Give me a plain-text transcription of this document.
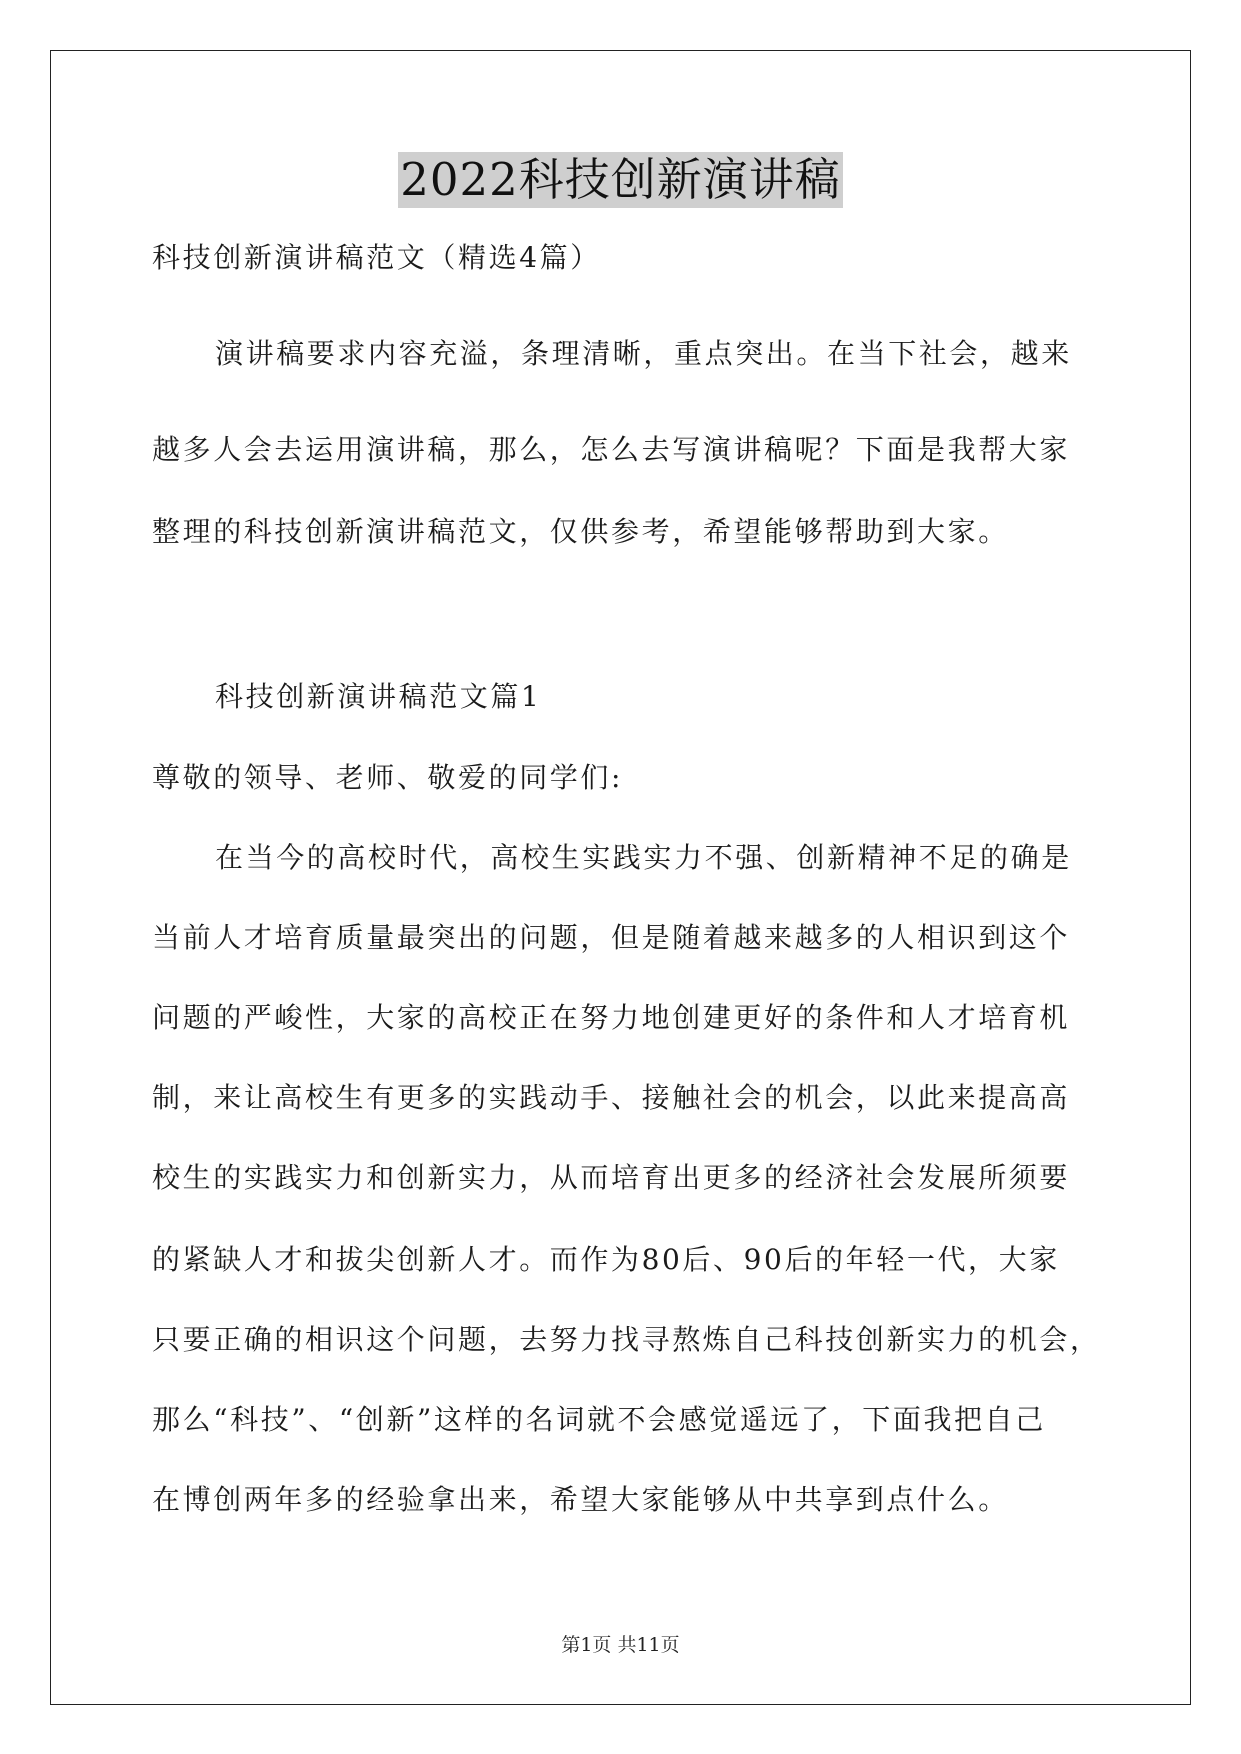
2022科技创新演讲稿
科技创新演讲稿范文（精选4篇）
演讲稿要求内容充溢，条理清晰，重点突出。在当下社会，越来
越多人会去运用演讲稿，那么，怎么去写演讲稿呢？下面是我帮大家
整理的科技创新演讲稿范文，仅供参考，希望能够帮助到大家。
科技创新演讲稿范文篇1
尊敬的领导、老师、敬爱的同学们:
在当今的高校时代，高校生实践实力不强、创新精神不足的确是
当前人才培育质量最突出的问题，但是随着越来越多的人相识到这个
问题的严峻性，大家的高校正在努力地创建更好的条件和人才培育机
制，来让高校生有更多的实践动手、接触社会的机会，以此来提高高
校生的实践实力和创新实力，从而培育出更多的经济社会发展所须要
的紧缺人才和拔尖创新人才。而作为80后、90后的年轻一代，大家
只要正确的相识这个问题，去努力找寻熬炼自己科技创新实力的机会，
那么“科技”、“创新”这样的名词就不会感觉遥远了，下面我把自己
在博创两年多的经验拿出来，希望大家能够从中共享到点什么。
第1页 共11页
